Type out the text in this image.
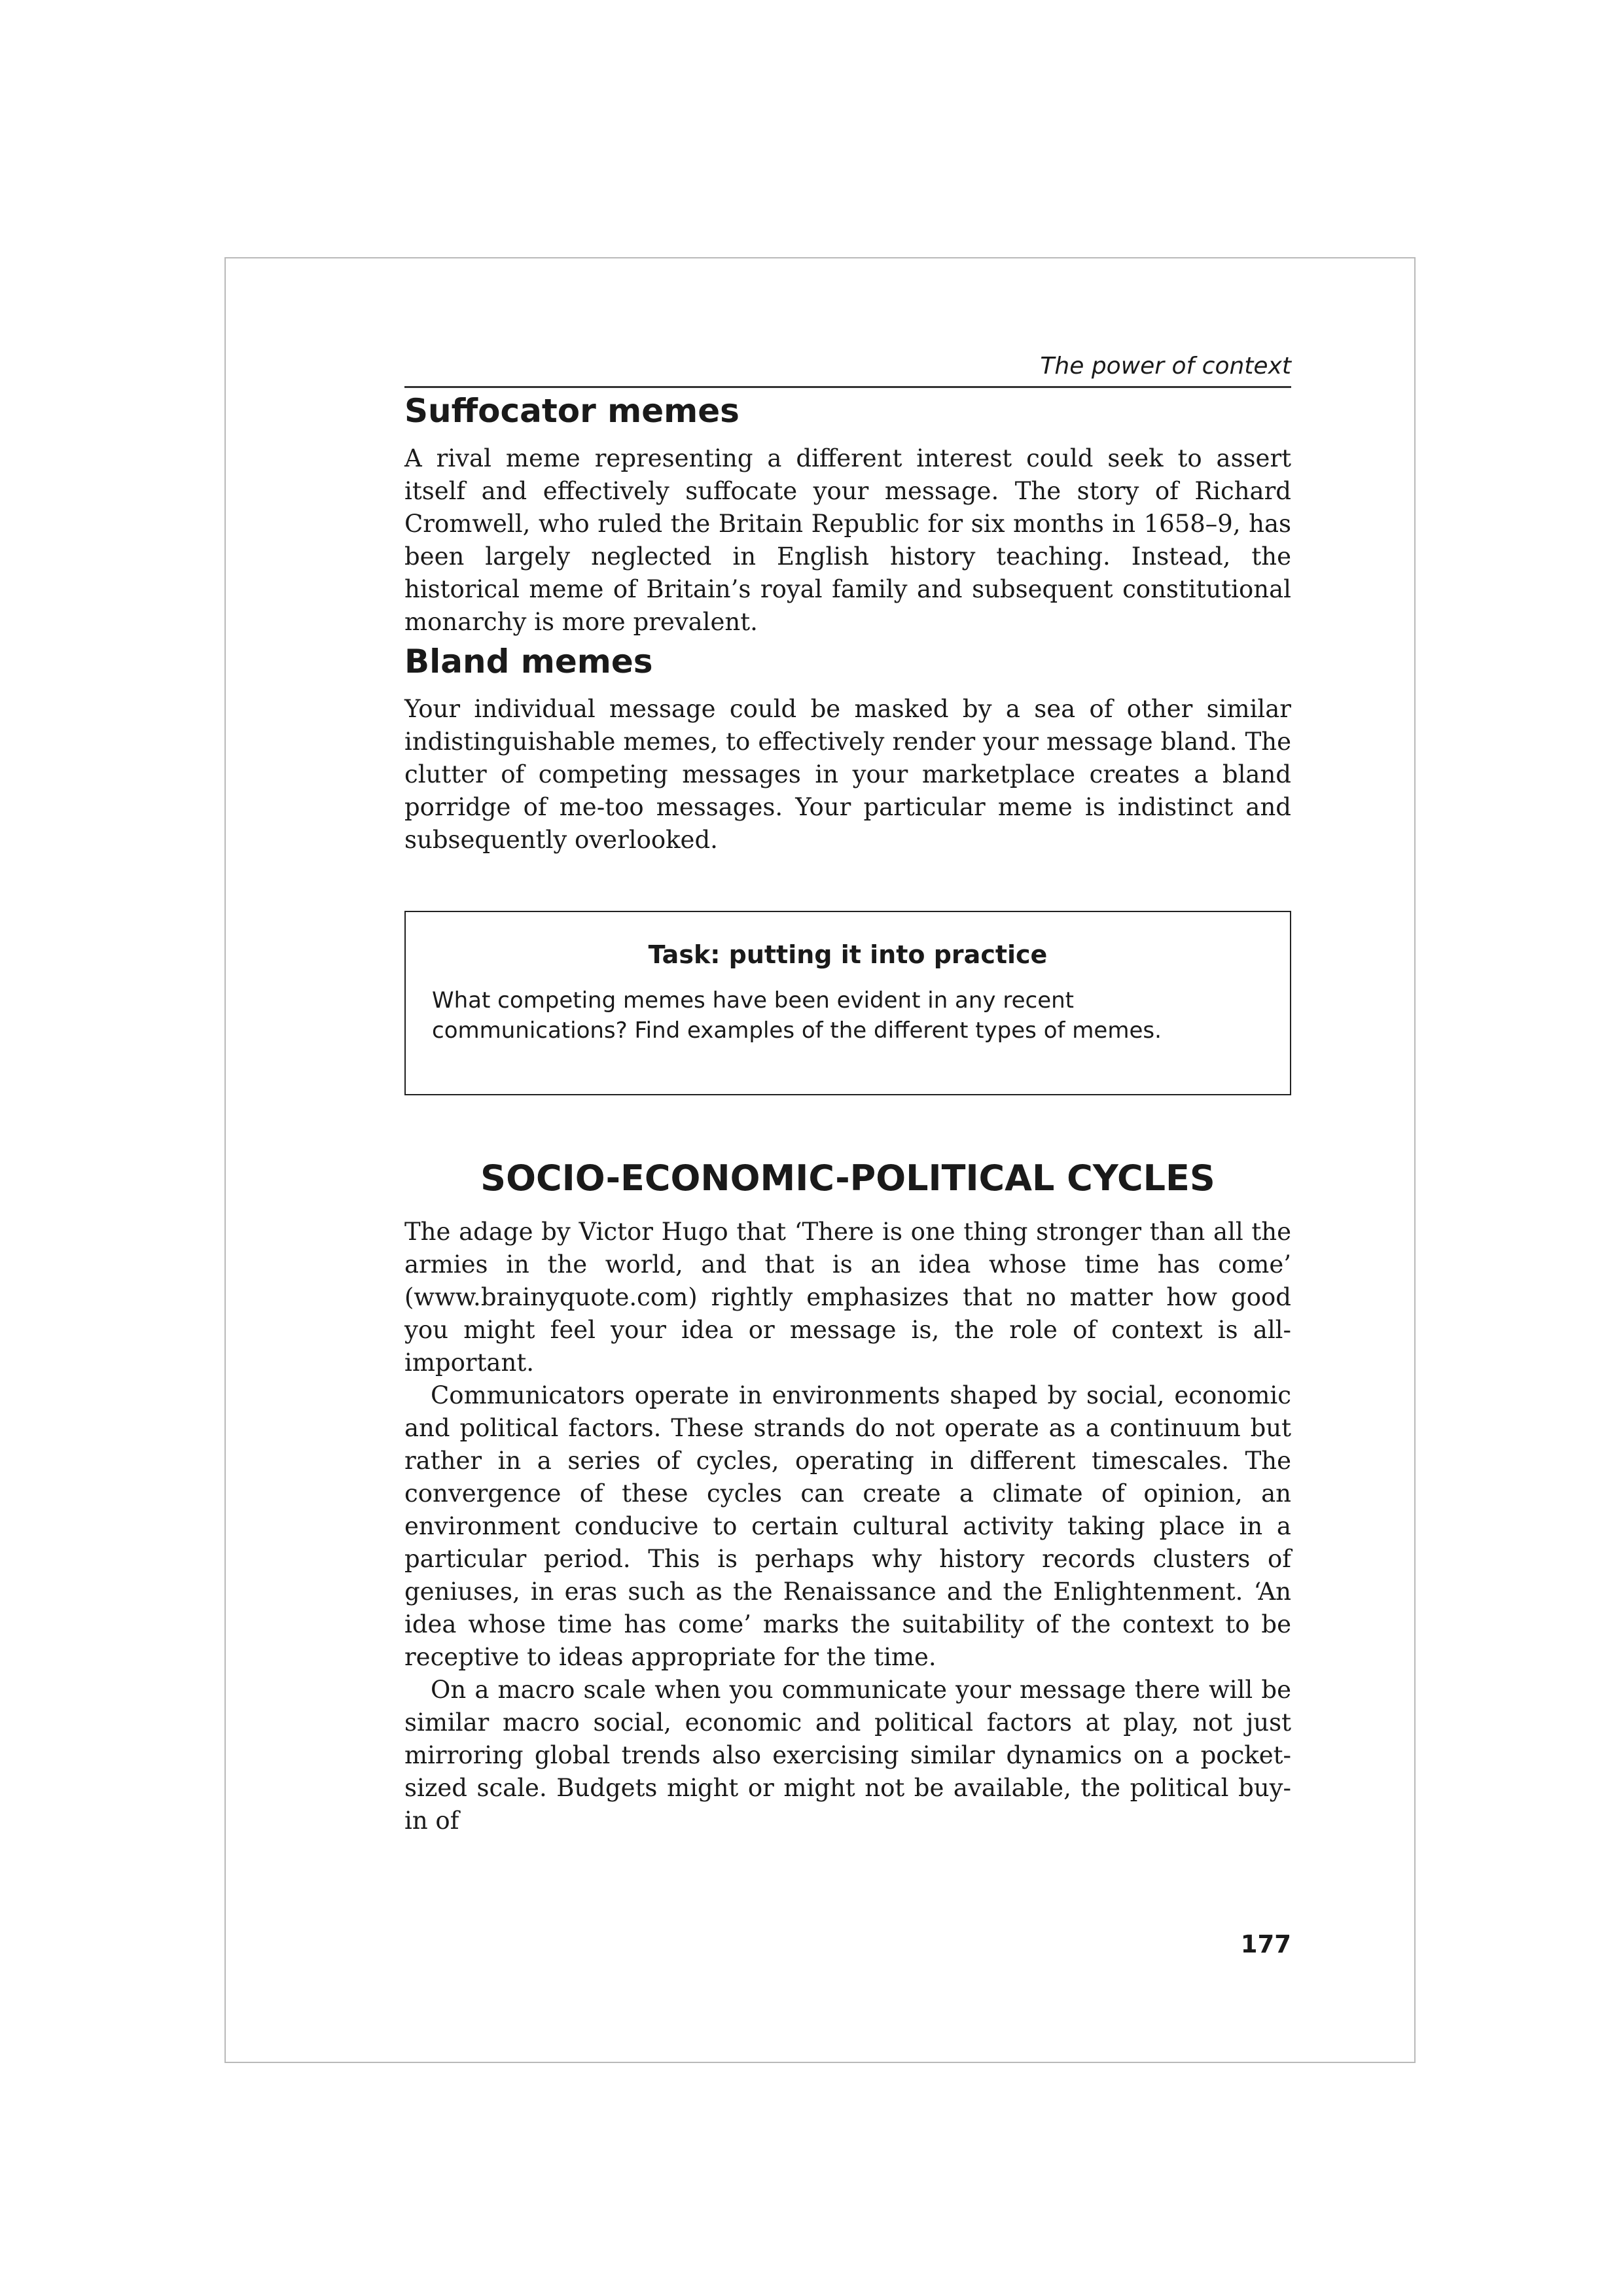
The power of context
Suffocator memes

A rival meme representing a different interest could seek to assert itself and effectively suffocate your message. The story of Richard Cromwell, who ruled the Britain Republic for six months in 1658–9, has been largely neglected in English history teaching. Instead, the historical meme of Britain’s royal family and subsequent constitutional monarchy is more prevalent.

Bland memes

Your individual message could be masked by a sea of other similar indistinguishable memes, to effectively render your message bland. The clutter of competing messages in your marketplace creates a bland porridge of me-too messages. Your particular meme is indistinct and subsequently overlooked.

Task: putting it into practice

What competing memes have been evident in any recent communications? Find examples of the different types of memes.

SOCIO-ECONOMIC-POLITICAL CYCLES

The adage by Victor Hugo that ‘There is one thing stronger than all the armies in the world, and that is an idea whose time has come’ (www.brainyquote.com) rightly emphasizes that no matter how good you might feel your idea or message is, the role of context is all-important.

Communicators operate in environments shaped by social, economic and political factors. These strands do not operate as a continuum but rather in a series of cycles, operating in different timescales. The convergence of these cycles can create a climate of opinion, an environment conducive to certain cultural activity taking place in a particular period. This is perhaps why history records clusters of geniuses, in eras such as the Renaissance and the Enlightenment. ‘An idea whose time has come’ marks the suitability of the context to be receptive to ideas appropriate for the time.

On a macro scale when you communicate your message there will be similar macro social, economic and political factors at play, not just mirroring global trends also exercising similar dynamics on a pocket-sized scale. Budgets might or might not be available, the political buy-in of

177
